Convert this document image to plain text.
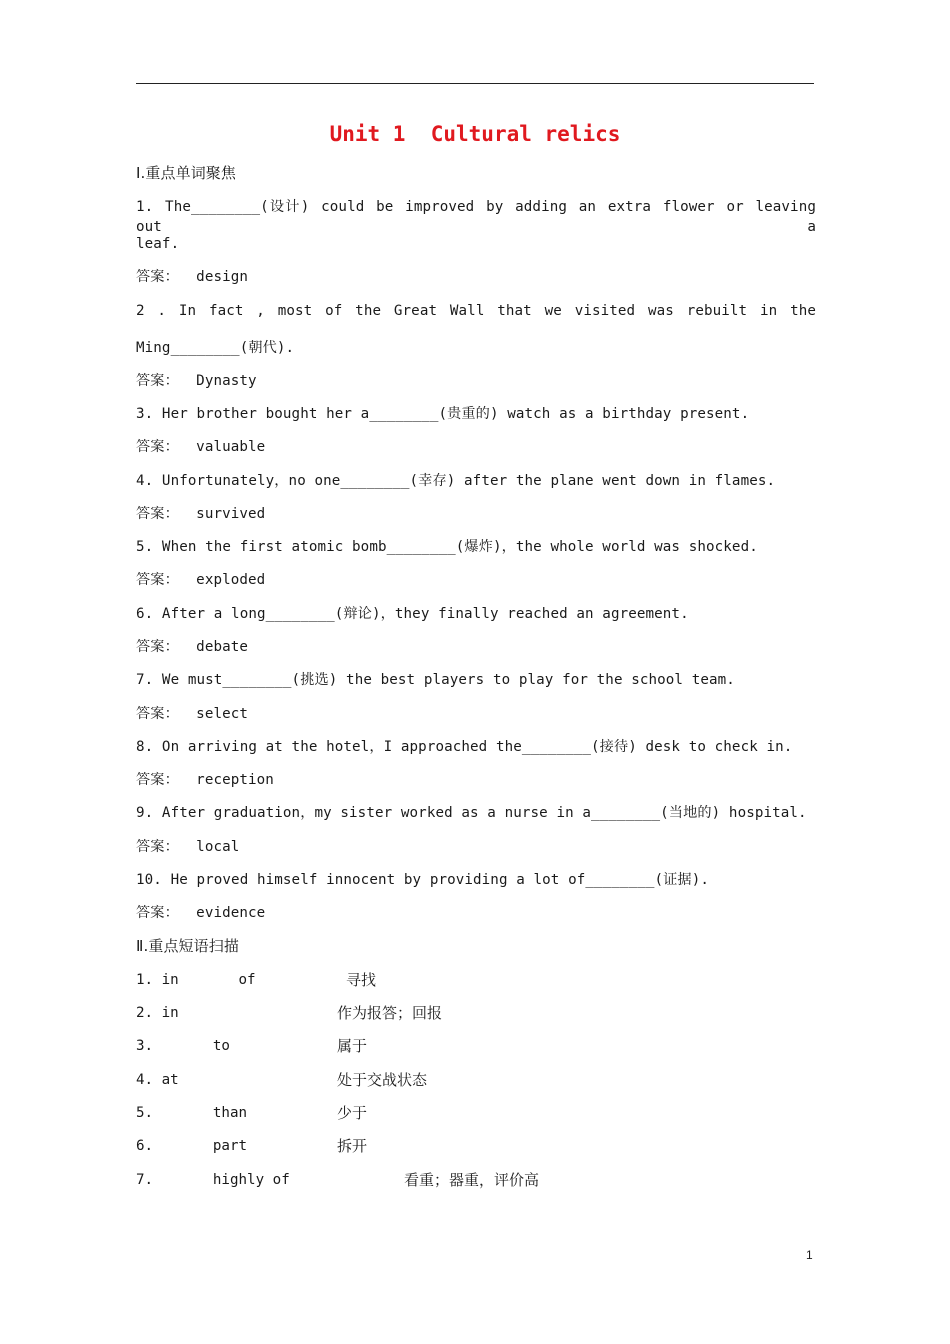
Unit 1  Cultural relics
Ⅰ.重点单词聚焦
1. The________(设计) could be improved by adding an extra flower or leaving out a
leaf.
答案： design
2 . In fact , most of the Great Wall that we visited was rebuilt in the
Ming________(朝代).
答案： Dynasty
3. Her brother bought her a________(贵重的) watch as a birthday present.
答案： valuable
4. Unfortunately，no one________(幸存) after the plane went down in flames.
答案： survived
5. When the first atomic bomb________(爆炸)，the whole world was shocked.
答案： exploded
6. After a long________(辩论)，they finally reached an agreement.
答案： debate
7. We must________(挑选) the best players to play for the school team.
答案： select
8. On arriving at the hotel，I approached the________(接待) desk to check in.
答案： reception
9. After graduation，my sister worked as a nurse in a________(当地的) hospital.
答案： local
10. He proved himself innocent by providing a lot of________(证据).
答案： evidence
Ⅱ.重点短语扫描
1. in       of	寻找
2. in	作为报答；回报
3.       to	属于
4. at	处于交战状态
5.       than	少于
6.       part	拆开
7.       highly of	看重；器重，评价高
1
